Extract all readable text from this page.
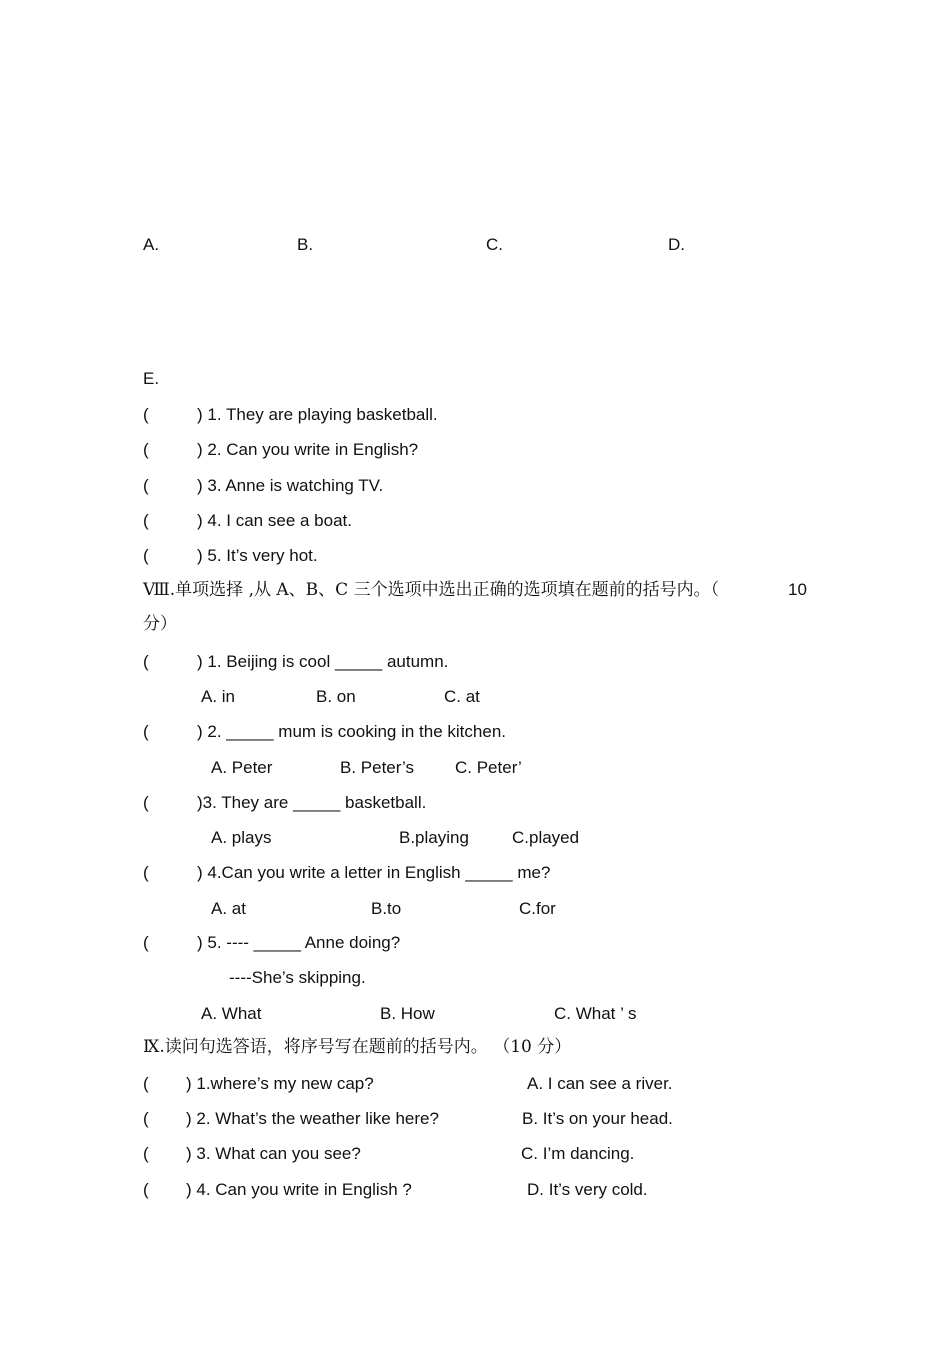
A.	B.	C.	D.
E.
(	) 1. They are playing basketball.
(	) 2. Can you write in English?
(	) 3. Anne is watching TV.
(	) 4. I can see a boat.
(	) 5. It’s very hot.
Ⅷ.单项选择 ,从 A、B、C 三个选项中选出正确的选项填在题前的括号内。（	10
分）
(	) 1. Beijing is cool _____ autumn.
A. in	B. on	C. at
(	) 2. _____ mum is cooking in the kitchen.
A. Peter	B. Peter’s C. Peter’
(	)3. They are _____ basketball.
A. plays	B.playing	C.played
(	) 4.Can you write a letter in English _____ me?
A. at	B.to	C.for
(	) 5. ---- _____ Anne doing?
----She’s skipping.
A. What	B. How	C. What ’ s
Ⅸ.读问句选答语，将序号写在题前的括号内。 （10 分）
( ) 1.where’s my new cap?	A. I can see a river.
( ) 2. What’s the weather like here?	B. It’s on your head.
( ) 3. What can you see?	C. I’m dancing.
( ) 4. Can you write in English ?	D. It’s very cold.
